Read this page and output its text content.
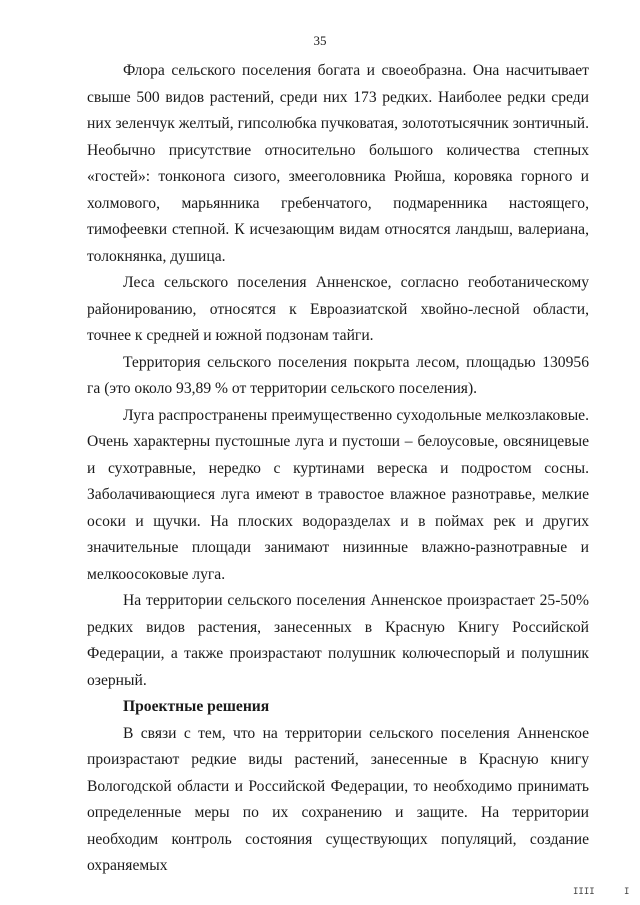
35

Флора сельского поселения богата и своеобразна. Она насчитывает свыше 500 видов растений, среди них 173 редких. Наиболее редки среди них зеленчук желтый, гипсолюбка пучковатая, золототысячник зонтичный. Необычно присутствие относительно большого количества степных «гостей»: тонконога сизого, змееголовника Рюйша, коровяка горного и холмового, марьянника гребенчатого, подмаренника настоящего, тимофеевки степной. К исчезающим видам относятся ландыш, валериана, толокнянка, душица.

Леса сельского поселения Анненское, согласно геоботаническому районированию, относятся к Евроазиатской хвойно-лесной области, точнее к средней и южной подзонам тайги.

Территория сельского поселения покрыта лесом, площадью 130956 га (это около 93,89 % от территории сельского поселения).

Луга распространены преимущественно суходольные мелкозлаковые. Очень характерны пустошные луга и пустоши – белоусовые, овсяницевые и сухотравные, нередко с куртинами вереска и подростом сосны. Заболачивающиеся луга имеют в травостое влажное разнотравье, мелкие осоки и щучки. На плоских водоразделах и в поймах рек и других значительные площади занимают низинные влажно-разнотравные и мелкоосоковые луга.

На территории сельского поселения Анненское произрастает 25-50% редких видов растения, занесенных в Красную Книгу Российской Федерации, а также произрастают полушник колючеспорый и полушник озерный.

Проектные решения

В связи с тем, что на территории сельского поселения Анненское произрастают редкие виды растений, занесенные в Красную книгу Вологодской области и Российской Федерации, то необходимо принимать определенные меры по их сохранению и защите. На территории необходим контроль состояния существующих популяций, создание охраняемых

IIII	I
